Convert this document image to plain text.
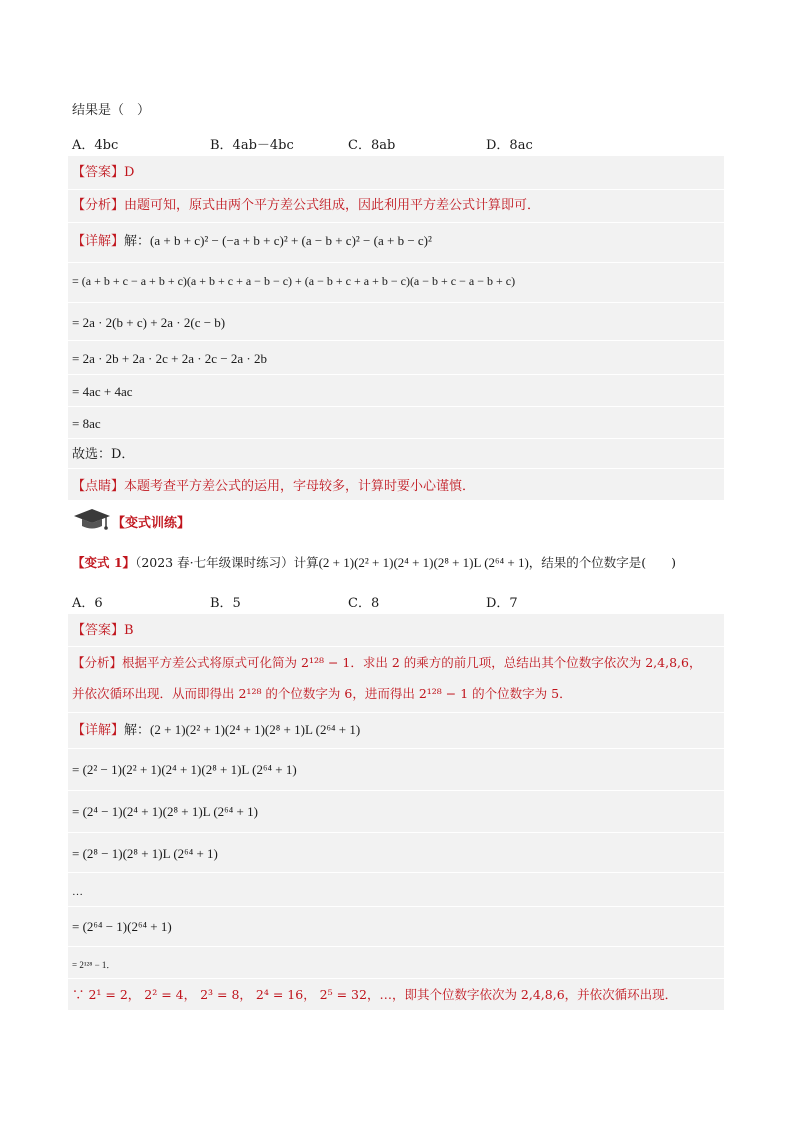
结果是（　）
A．4bc	B．4ab－4bc	C．8ab	D．8ac
【答案】D
【分析】由题可知，原式由两个平方差公式组成，因此利用平方差公式计算即可．
【详解】解：(a + b + c)² − (−a + b + c)² + (a − b + c)² − (a + b − c)²
= (a + b + c − a + b + c)(a + b + c + a − b − c) + (a − b + c + a + b − c)(a − b + c − a − b + c)
= 2a · 2(b + c) + 2a · 2(c − b)
= 2a · 2b + 2a · 2c + 2a · 2c − 2a · 2b
= 4ac + 4ac
= 8ac
故选：D．
【点睛】本题考查平方差公式的运用，字母较多，计算时要小心谨慎．
【变式训练】
【变式 1】（2023 春·七年级课时练习）计算(2 + 1)(2² + 1)(2⁴ + 1)(2⁸ + 1)L (2⁶⁴ + 1)，结果的个位数字是(　　)
A．6	B．5	C．8	D．7
【答案】B
【分析】根据平方差公式将原式可化简为 2¹²⁸ − 1．求出 2 的乘方的前几项，总结出其个位数字依次为 2,4,8,6，
并依次循环出现．从而即得出 2¹²⁸ 的个位数字为 6，进而得出 2¹²⁸ − 1 的个位数字为 5．
【详解】解：(2 + 1)(2² + 1)(2⁴ + 1)(2⁸ + 1)L (2⁶⁴ + 1)
= (2² − 1)(2² + 1)(2⁴ + 1)(2⁸ + 1)L (2⁶⁴ + 1)
= (2⁴ − 1)(2⁴ + 1)(2⁸ + 1)L (2⁶⁴ + 1)
= (2⁸ − 1)(2⁸ + 1)L (2⁶⁴ + 1)
…
= (2⁶⁴ − 1)(2⁶⁴ + 1)
= 2¹²⁸ − 1．
∵ 2¹ = 2， 2² = 4， 2³ = 8， 2⁴ = 16， 2⁵ = 32，…，即其个位数字依次为 2,4,8,6，并依次循环出现．
